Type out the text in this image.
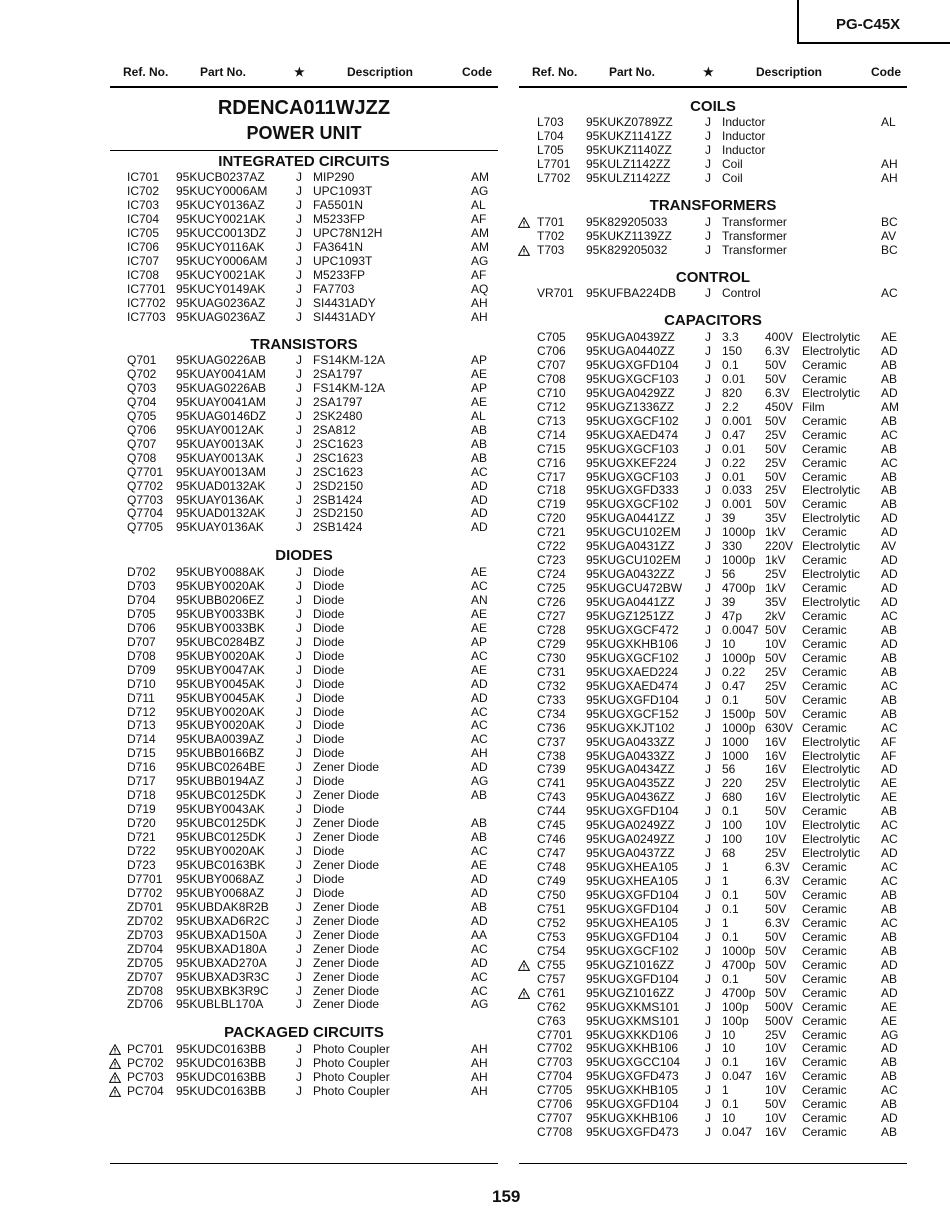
PG-C45X
Ref. No.	Part No.	★	Description	Code
RDENCA011WJZZ
POWER UNIT
INTEGRATED CIRCUITS
IC701 95KUCB0237AZ	J MIP290	AM
IC702 95KUCY0006AM J UPC1093T	AG
IC703 95KUCY0136AZ	J FA5501N	AL
IC704 95KUCY0021AK	J M5233FP	AF
IC705 95KUCC0013DZ J UPC78N12H	AM
IC706 95KUCY0116AK	J FA3641N	AM
IC707 95KUCY0006AM J UPC1093T	AG
IC708 95KUCY0021AK	J M5233FP	AF
IC7701 95KUCY0149AK	J FA7703	AQ
IC7702 95KUAG0236AZ	J SI4431ADY	AH
IC7703 95KUAG0236AZ	J SI4431ADY	AH
TRANSISTORS
Q701 95KUAG0226AB J FS14KM-12A	AP
Q702 95KUAY0041AM	J 2SA1797	AE
Q703 95KUAG0226AB J FS14KM-12A	AP
Q704 95KUAY0041AM	J 2SA1797	AE
Q705 95KUAG0146DZ J 2SK2480	AL
Q706 95KUAY0012AK	J 2SA812	AB
Q707 95KUAY0013AK	J 2SC1623	AB
Q708 95KUAY0013AK	J 2SC1623	AB
Q7701 95KUAY0013AM	J 2SC1623	AC
Q7702 95KUAD0132AK	J 2SD2150	AD
Q7703 95KUAY0136AK	J 2SB1424	AD
Q7704 95KUAD0132AK	J 2SD2150	AD
Q7705 95KUAY0136AK	J 2SB1424	AD
DIODES
D702 95KUBY0088AK	J Diode	AE
D703 95KUBY0020AK	J Diode	AC
D704 95KUBB0206EZ	J Diode	AN
D705 95KUBY0033BK	J Diode	AE
D706 95KUBY0033BK	J Diode	AE
D707 95KUBC0284BZ	J Diode	AP
D708 95KUBY0020AK	J Diode	AC
D709 95KUBY0047AK	J Diode	AE
D710 95KUBY0045AK	J Diode	AD
D711 95KUBY0045AK	J Diode	AD
D712 95KUBY0020AK	J Diode	AC
D713 95KUBY0020AK	J Diode	AC
D714 95KUBA0039AZ	J Diode	AC
D715 95KUBB0166BZ	J Diode	AH
D716 95KUBC0264BE	J Zener Diode	AD
D717 95KUBB0194AZ	J Diode	AG
D718 95KUBC0125DK J Zener Diode	AB
D719 95KUBY0043AK	J Diode
D720 95KUBC0125DK J Zener Diode	AB
D721 95KUBC0125DK J Zener Diode	AB
D722 95KUBY0020AK	J Diode	AC
D723 95KUBC0163BK	J Zener Diode	AE
D7701 95KUBY0068AZ	J Diode	AD
D7702 95KUBY0068AZ	J Diode	AD
ZD701 95KUBDAK8R2B J Zener Diode	AB
ZD702 95KUBXAD6R2C J Zener Diode	AD
ZD703 95KUBXAD150A J Zener Diode	AA
ZD704 95KUBXAD180A J Zener Diode	AC
ZD705 95KUBXAD270A J Zener Diode	AD
ZD707 95KUBXAD3R3C J Zener Diode	AC
ZD708 95KUBXBK3R9C J Zener Diode	AC
ZD706 95KUBLBL170A	J Zener Diode	AG
PACKAGED CIRCUITS
PC701 95KUDC0163BB J Photo Coupler	AH
PC702 95KUDC0163BB J Photo Coupler	AH
PC703 95KUDC0163BB J Photo Coupler	AH
PC704 95KUDC0163BB J Photo Coupler	AH
Ref. No.	Part No.	★	Description	Code
COILS
L703 95KUKZ0789ZZ	J Inductor	AL
L704 95KUKZ1141ZZ	J Inductor
L705 95KUKZ1140ZZ	J Inductor
L7701 95KULZ1142ZZ	J Coil	AH
L7702 95KULZ1142ZZ	J Coil	AH
TRANSFORMERS
T701 95K829205033	J Transformer	BC
T702 95KUKZ1139ZZ	J Transformer	AV
T703 95K829205032	J Transformer	BC
CONTROL
VR701 95KUFBA224DB J Control	AC
CAPACITORS
C705 95KUGA0439ZZ	J 3.3 400V Electrolytic AE
C706 95KUGA0440ZZ	J 150 6.3V Electrolytic AD
C707 95KUGXGFD104 J 0.1 50V Ceramic	AB
C708 95KUGXGCF103 J 0.01 50V Ceramic	AB
C710 95KUGA0429ZZ	J 820 6.3V Electrolytic AD
C712 95KUGZ1336ZZ	J 2.2 450V Film	AM
C713 95KUGXGCF102 J 0.001 50V Ceramic	AB
C714 95KUGXAED474 J 0.47 25V Ceramic	AC
C715 95KUGXGCF103 J 0.01 50V Ceramic	AB
C716 95KUGXKEF224 J 0.22 25V Ceramic	AC
C717 95KUGXGCF103 J 0.01 50V Ceramic	AB
C718 95KUGXGFD333 J 0.033 25V Electrolytic AB
C719 95KUGXGCF102 J 0.001 50V Ceramic	AB
C720 95KUGA0441ZZ	J 39 35V Electrolytic AD
C721 95KUGCU102EM J 1000p 1kV Ceramic	AD
C722 95KUGA0431ZZ	J 330 220V Electrolytic AV
C723 95KUGCU102EM J 1000p 1kV Ceramic	AD
C724 95KUGA0432ZZ	J 56 25V Electrolytic AD
C725 95KUGCU472BW J 4700p 1kV Ceramic	AD
C726 95KUGA0441ZZ	J 39 35V Electrolytic AD
C727 95KUGZ1251ZZ	J 47p 2kV Ceramic	AC
C728 95KUGXGCF472 J 0.0047 50V Ceramic	AB
C729 95KUGXKHB106 J 10 10V Ceramic	AD
C730 95KUGXGCF102 J 1000p 50V Ceramic	AB
C731 95KUGXAED224 J 0.22 25V Ceramic	AB
C732 95KUGXAED474 J 0.47 25V Ceramic	AC
C733 95KUGXGFD104 J 0.1 50V Ceramic	AB
C734 95KUGXGCF152 J 1500p 50V Ceramic	AB
C736 95KUGXKJT102	J 1000p 630V Ceramic	AC
C737 95KUGA0433ZZ	J 1000 16V Electrolytic AF
C738 95KUGA0433ZZ	J 1000 16V Electrolytic AF
C739 95KUGA0434ZZ	J 56 16V Electrolytic AD
C741 95KUGA0435ZZ	J 220 25V Electrolytic AE
C743 95KUGA0436ZZ	J 680 16V Electrolytic AE
C744 95KUGXGFD104 J 0.1 50V Ceramic	AB
C745 95KUGA0249ZZ	J 100 10V Electrolytic AC
C746 95KUGA0249ZZ	J 100 10V Electrolytic AC
C747 95KUGA0437ZZ	J 68 25V Electrolytic AD
C748 95KUGXHEA105 J 1	6.3V Ceramic	AC
C749 95KUGXHEA105 J 1	6.3V Ceramic	AC
C750 95KUGXGFD104 J 0.1 50V Ceramic	AB
C751 95KUGXGFD104 J 0.1 50V Ceramic	AB
C752 95KUGXHEA105 J 1	6.3V Ceramic	AC
C753 95KUGXGFD104 J 0.1 50V Ceramic	AB
C754 95KUGXGCF102 J 1000p 50V Ceramic	AB
C755 95KUGZ1016ZZ	J 4700p 50V Ceramic	AD
C757 95KUGXGFD104 J 0.1 50V Ceramic	AB
C761 95KUGZ1016ZZ	J 4700p 50V Ceramic	AD
C762 95KUGXKMS101 J 100p 500V Ceramic	AE
C763 95KUGXKMS101 J 100p 500V Ceramic	AE
C7701 95KUGXKKD106 J 10 25V Ceramic	AG
C7702 95KUGXKHB106 J 10 10V Ceramic	AD
C7703 95KUGXGCC104 J 0.1 16V Ceramic	AB
C7704 95KUGXGFD473 J 0.047 16V Ceramic	AB
C7705 95KUGXKHB105 J 1	10V Ceramic	AC
C7706 95KUGXGFD104 J 0.1 50V Ceramic	AB
C7707 95KUGXKHB106 J 10 10V Ceramic	AD
C7708 95KUGXGFD473 J 0.047 16V Ceramic	AB
159
